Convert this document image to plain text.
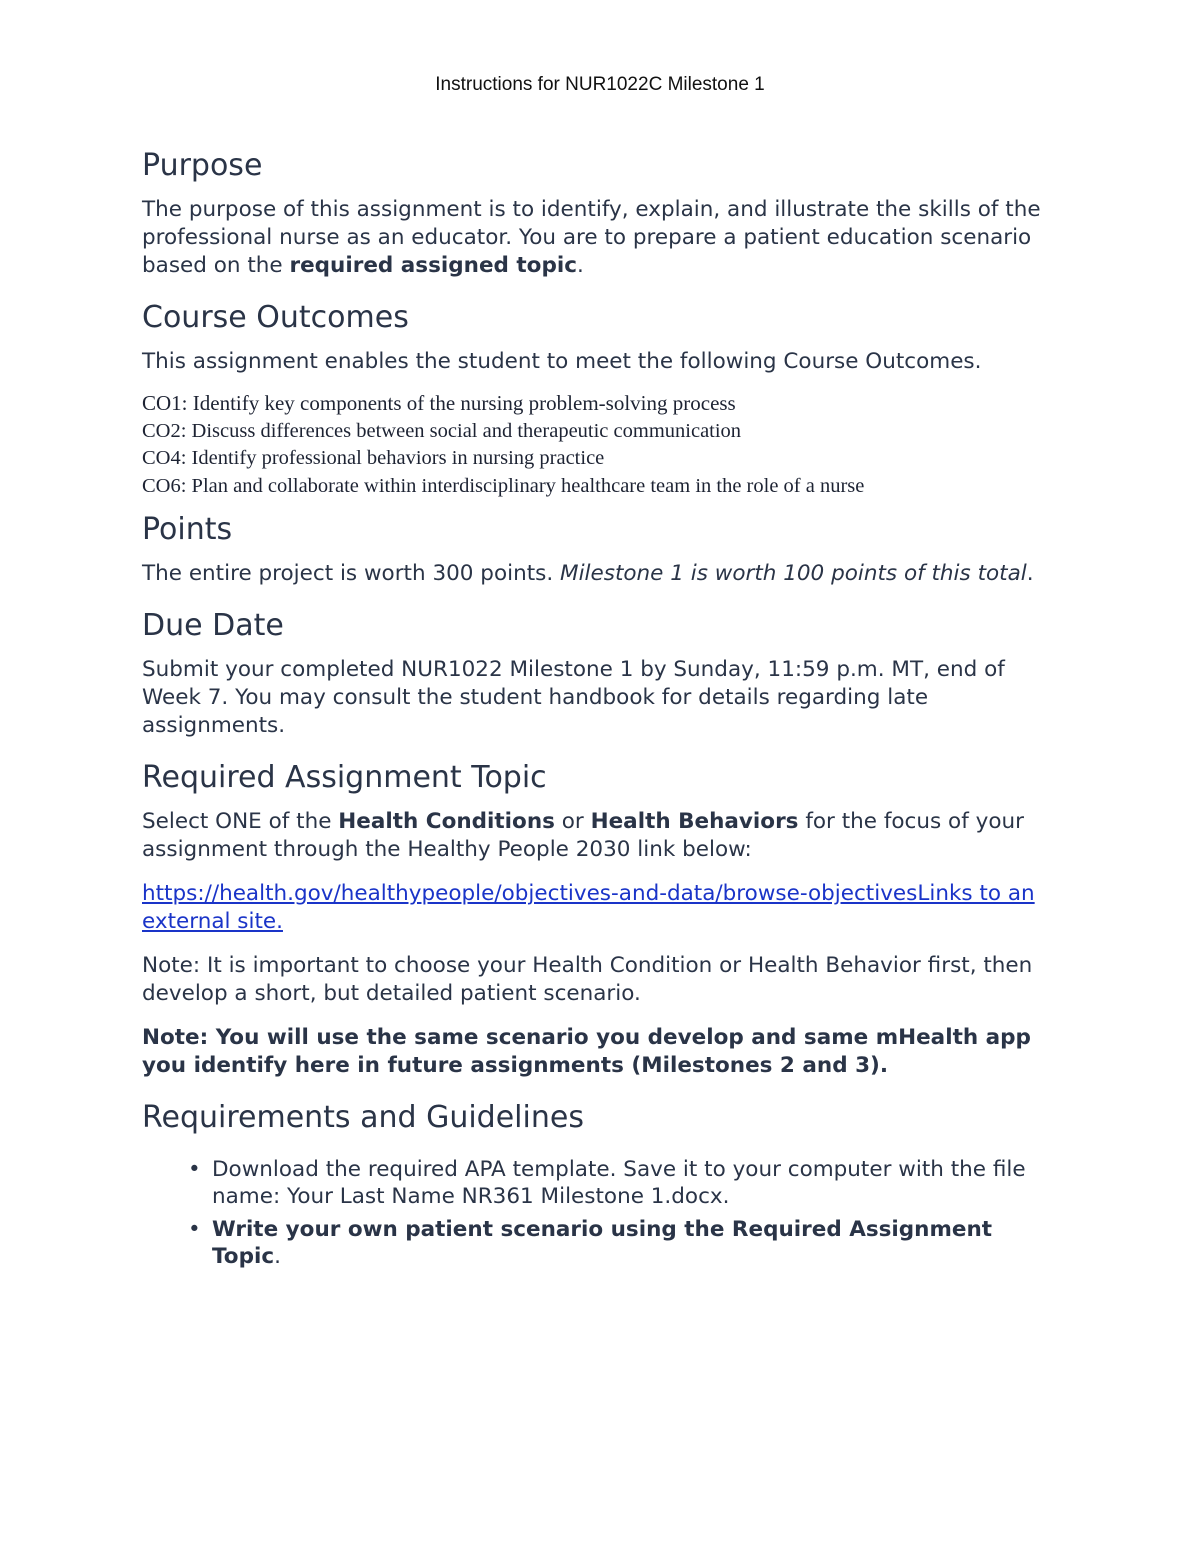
Instructions for NUR1022C Milestone 1
Purpose

The purpose of this assignment is to identify, explain, and illustrate the skills of the professional nurse as an educator. You are to prepare a patient education scenario based on the required assigned topic.

Course Outcomes

This assignment enables the student to meet the following Course Outcomes.

CO1: Identify key components of the nursing problem-solving process
CO2: Discuss differences between social and therapeutic communication
CO4: Identify professional behaviors in nursing practice
CO6: Plan and collaborate within interdisciplinary healthcare team in the role of a nurse
Points

The entire project is worth 300 points. Milestone 1 is worth 100 points of this total.

Due Date

Submit your completed NUR1022 Milestone 1 by Sunday, 11:59 p.m. MT, end of Week 7. You may consult the student handbook for details regarding late assignments.

Required Assignment Topic

Select ONE of the Health Conditions or Health Behaviors for the focus of your assignment through the Healthy People 2030 link below:

https://health.gov/healthypeople/objectives-and-data/browse-objectivesLinks to an external site.

Note: It is important to choose your Health Condition or Health Behavior first, then develop a short, but detailed patient scenario.

Note: You will use the same scenario you develop and same mHealth app you identify here in future assignments (Milestones 2 and 3).

Requirements and Guidelines
• Download the required APA template. Save it to your computer with the file name: Your Last Name NR361 Milestone 1.docx.
• Write your own patient scenario using the Required Assignment Topic.
